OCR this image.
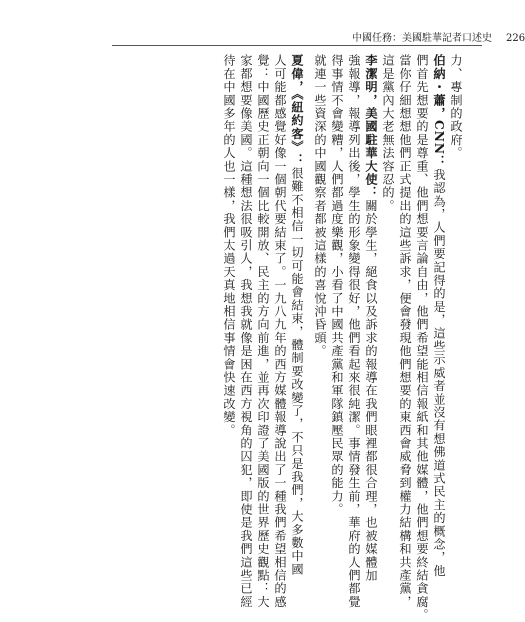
中國任務：美國駐華記者口述史 226

力、專制的政府。

伯納・蕭，CNN：我認為，人們要記得的是，這些示威者並沒有想佛道式民主的概念，他

們首先想要的是尊重、他們想要言論自由，他們希望能相信報紙和其他媒體，他們想要終結貪腐。

當你仔細想想他們正式提出的這些訴求，便會發現他們想要的東西會威脅到權力結構和共產黨，

這是黨內大老無法容忍的。

李潔明，美國駐華大使：關於學生，絕食以及訴求的報導在我們眼裡都很合理，也被媒體加

強報導，報導列出後，學生的形象變得很好，他們看起來很純潔。事情發生前，華府的人們都覺

得事情不會變糟，人們都過度樂觀，小看了中國共產黨和軍隊鎮壓民眾的能力。

就連一些資深的中國觀察者都被這樣的喜悅沖昏頭。

夏偉，《紐約客》：很難不相信一切可能會結束，體制要改變了，不只是我們，大多數中國

人可能都感覺好像一個朝代要結束了。一九八九年的西方媒體報導說出了一種我們希望相信的感

覺：中國歷史正朝向一個比較開放、民主的方向前進，並再次印證了美國版的世界歷史觀點：大

家都想要像美國。這種想法很吸引人，我想我就像是困在西方視角的囚犯，即使是我們這些已經

待在中國多年的人也一樣，我們太過天真地相信事情會快速改變。
